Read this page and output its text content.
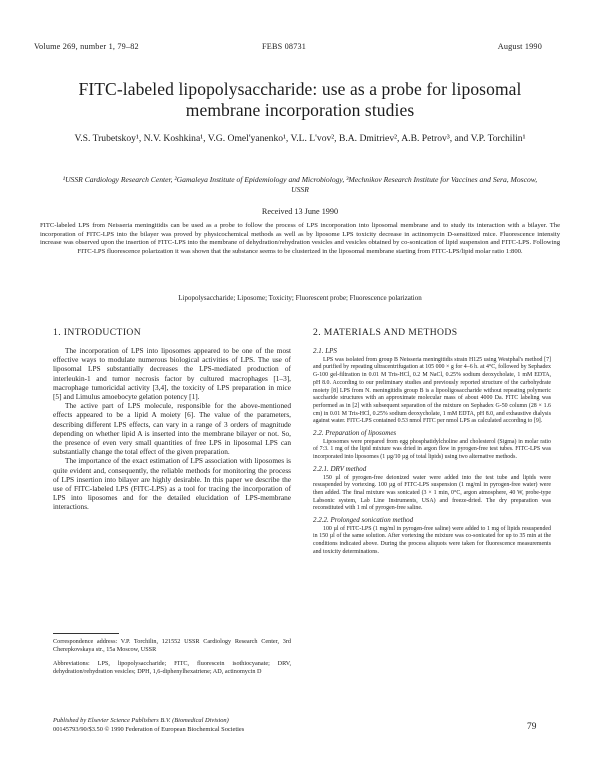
Volume 269, number 1, 79–82	FEBS 08731	August 1990
FITC-labeled lipopolysaccharide: use as a probe for liposomal membrane incorporation studies
V.S. Trubetskoy¹, N.V. Koshkina¹, V.G. Omel'yanenko¹, V.L. L'vov², B.A. Dmitriev², A.B. Petrov³, and V.P. Torchilin¹
¹USSR Cardiology Research Center, ²Gamaleya Institute of Epidemiology and Microbiology, ³Mechnikov Research Institute for Vaccines and Sera, Moscow, USSR
Received 13 June 1990
FITC-labeled LPS from Neisseria meningitidis can be used as a probe to follow the process of LPS incorporation into liposomal membrane and to study its interaction with a bilayer. The incorporation of FITC-LPS into the bilayer was proved by physicochemical methods as well as by liposome LPS toxicity decrease in actinomycin D-sensitized mice. Fluorescence intensity increase was observed upon the insertion of FITC-LPS into the membrane of dehydration/rehydration vesicles and vesicles obtained by co-sonication of lipid suspension and FITC-LPS. Following FITC-LPS fluorescence polarization it was shown that the substance seems to be clusterized in the liposomal membrane starting from FITC-LPS/lipid molar ratio 1:800.
Lipopolysaccharide; Liposome; Toxicity; Fluorescent probe; Fluorescence polarization
1. INTRODUCTION

The incorporation of LPS into liposomes appeared to be one of the most effective ways to modulate numerous biological activities of LPS. The use of liposomal LPS substantially decreases the LPS-mediated production of interleukin-1 and tumor necrosis factor by cultured macrophages [1–3], macrophage tumoricidal activity [3,4], the toxicity of LPS preparation in mice [5] and Limulus amoebocyte gelation potency [1].

The active part of LPS molecule, responsible for the above-mentioned effects appeared to be a lipid A moiety [6]. The value of the parameters, describing different LPS effects, can vary in a range of 3 orders of magnitude depending on whether lipid A is inserted into the membrane bilayer or not. So, the presence of even very small quantities of free LPS in liposomal LPS can substantially change the total effect of the given preparation.

The importance of the exact estimation of LPS association with liposomes is quite evident and, consequently, the reliable methods for monitoring the process of LPS insertion into bilayer are highly desirable. In this paper we describe the use of FITC-labeled LPS (FITC-LPS) as a tool for tracing the incorporation of LPS into liposomes and for the detailed elucidation of LPS-membrane interactions.

Correspondence address: V.P. Torchilin, 121552 USSR Cardiology Research Center, 3rd Cherepkovskaya str., 15a Moscow, USSR
Abbreviations: LPS, lipopolysaccharide; FITC, fluorescein isothiocyanate; DRV, dehydration/rehydration vesicles; DPH, 1,6-diphenylhexatriene; AD, actinomycin D
2. MATERIALS AND METHODS
2.1. LPS

LPS was isolated from group B Neisseria meningitidis strain H125 using Westphal's method [7] and purified by repeating ultracentrifugation at 105 000 × g for 4–6 h. at 4°C, followed by Sephadex G-100 gel-filtration in 0.01 M Tris-HCl, 0.2 M NaCl, 0.25% sodium deoxycholate, 1 mM EDTA, pH 8.0. According to our preliminary studies and previously reported structure of the carbohydrate moiety [8] LPS from N. meningitidis group B is a lipooligosaccharide without repeating polymeric saccharide structures with an approximate molecular mass of about 4000 Da. FITC labeling was performed as in [2] with subsequent separation of the mixture on Sephadex G-50 column (28 × 1.6 cm) in 0.01 M Tris-HCl, 0.25% sodium deoxycholate, 1 mM EDTA, pH 8.0, and exhaustive dialysis against water. FITC-LPS contained 0.53 nmol FITC per nmol LPS as calculated according to [9].

2.2. Preparation of liposomes

Liposomes were prepared from egg phosphatidylcholine and cholesterol (Sigma) in molar ratio of 7:3. 1 mg of the lipid mixture was dried in argon flow in pyrogen-free test tubes. FITC-LPS was incorporated into liposomes (1 µg/10 µg of total lipids) using two alternative methods.

2.2.1. DRV method

150 µl of pyrogen-free deionized water were added into the test tube and lipids were resuspended by vortexing. 100 µg of FITC-LPS suspension (1 mg/ml in pyrogen-free water) were then added. The final mixture was sonicated (3 × 1 min, 0°C, argon atmosphere, 40 W, probe-type Labsonic system, Lab Line Instruments, USA) and freeze-dried. The dry preparation was reconstituted with 1 ml of pyrogen-free saline.

2.2.2. Prolonged sonication method

100 µl of FITC-LPS (1 mg/ml in pyrogen-free saline) were added to 1 mg of lipids resuspended in 150 µl of the same solution. After vortexing the mixture was co-sonicated for up to 35 min at the conditions indicated above. During the process aliquots were taken for fluorescence measurements and toxicity determinations.

Published by Elsevier Science Publishers B.V. (Biomedical Division)
00145793/90/$3.50 © 1990 Federation of European Biochemical Societies	79
